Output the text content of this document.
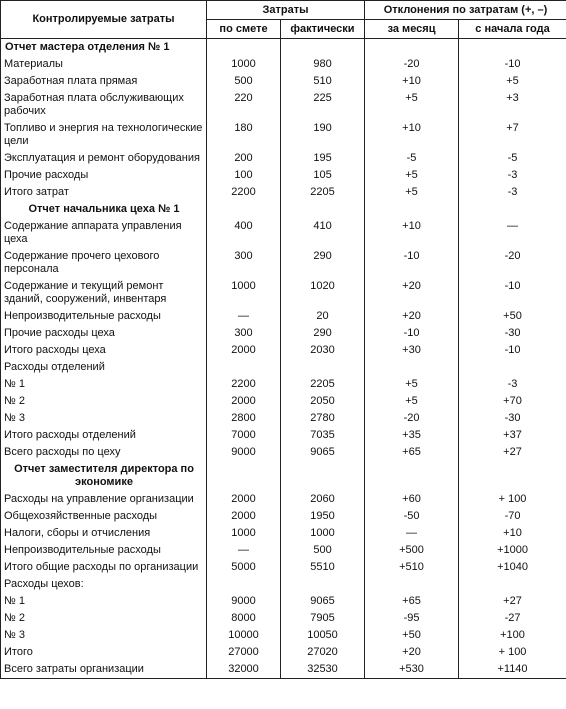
Контролируемые затраты	Затраты		Отклонения по затратам (+, –)	
	по смете	фактически	за месяц	с начала года
Отчет мастера отделения № 1				
Материалы	1000	980	-20	-10
Заработная плата прямая	500	510	+10	+5
Заработная плата обслуживающих рабочих	220	225	+5	+3
Топливо и энергия на технологические цели	180	190	+10	+7
Эксплуатация и ремонт оборудования	200	195	-5	-5
Прочие расходы	100	105	+5	-3
Итого затрат	2200	2205	+5	-3
Отчет начальника цеха № 1				
Содержание аппарата управления цеха	400	410	+10	—
Содержание прочего цехового персонала	300	290	-10	-20
Содержание и текущий ремонт зданий, сооружений, инвентаря	1000	1020	+20	-10
Непроизводительные расходы	—	20	+20	+50
Прочие расходы цеха	300	290	-10	-30
Итого расходы цеха	2000	2030	+30	-10
Расходы отделений				
№ 1	2200	2205	+5	-3
№ 2	2000	2050	+5	+70
№ 3	2800	2780	-20	-30
Итого расходы отделений	7000	7035	+35	+37
Всего расходы по цеху	9000	9065	+65	+27
Отчет заместителя директора по экономике				
Расходы на управление организации	2000	2060	+60	+ 100
Общехозяйственные расходы	2000	1950	-50	-70
Налоги, сборы и отчисления	1000	1000	—	+10
Непроизводительные расходы	—	500	+500	+1000
Итого общие расходы по организации	5000	5510	+510	+1040
Расходы цехов:				
№ 1	9000	9065	+65	+27
№ 2	8000	7905	-95	-27
№ 3	10000	10050	+50	+100
Итого	27000	27020	+20	+ 100
Всего затраты организации	32000	32530	+530	+1140
